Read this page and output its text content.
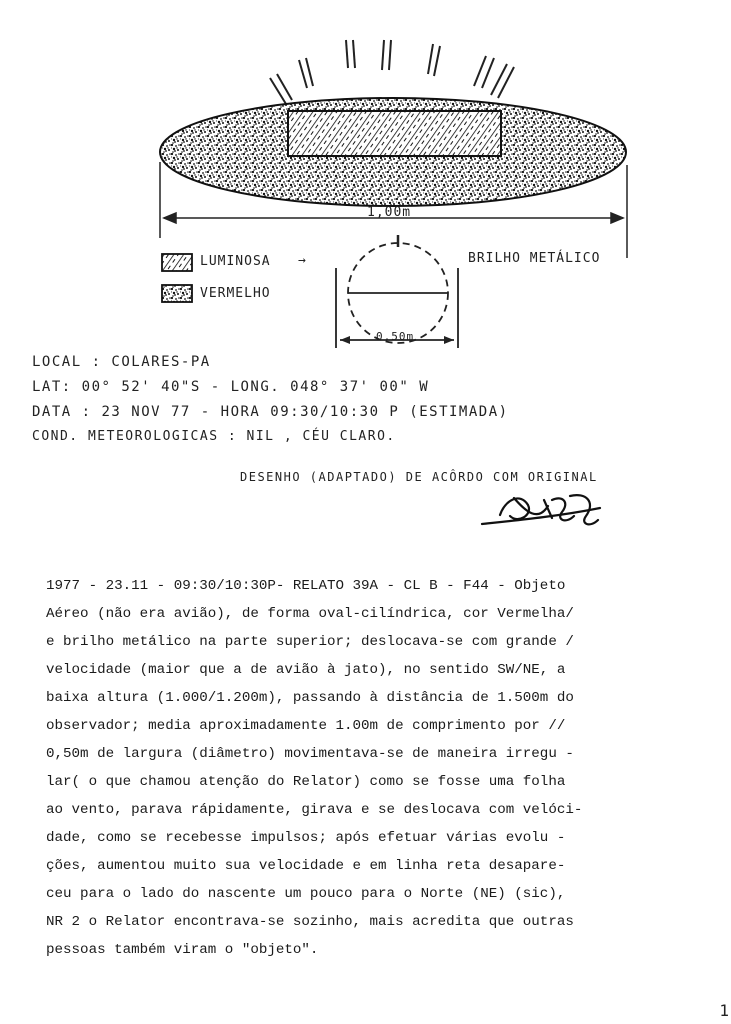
1,00m
LUMINOSA →
VERMELHO
BRILHO METÁLICO
0,50m
LOCAL : COLARES-PA
LAT: 00° 52' 40"S - LONG. 048° 37' 00" W
DATA : 23 NOV 77 - HORA 09:30/10:30 P (ESTIMADA)
COND. METEOROLOGICAS : NIL , CÉU CLARO.
DESENHO (ADAPTADO) DE ACÔRDO COM ORIGINAL
1977 - 23.11 - 09:30/10:30P- RELATO 39A - CL B - F44 - Objeto
Aéreo (não era avião), de forma oval-cilíndrica, cor Vermelha/
e brilho metálico na parte superior; deslocava-se com grande /
velocidade (maior que a de avião à jato), no sentido SW/NE, a
baixa altura (1.000/1.200m), passando à distância de 1.500m do
observador; media aproximadamente 1.00m de comprimento por //
0,50m de largura (diâmetro) movimentava-se de maneira irregu -
lar( o que chamou atenção do Relator) como se fosse uma folha
ao vento, parava rápidamente, girava e se deslocava com velóci-
dade, como se recebesse impulsos; após efetuar várias evolu -
ções, aumentou muito sua velocidade e em linha reta desapare-
ceu para o lado do nascente um pouco para o Norte (NE) (sic),
NR 2 o Relator encontrava-se sozinho, mais acredita que outras
pessoas também viram o "objeto".
1
